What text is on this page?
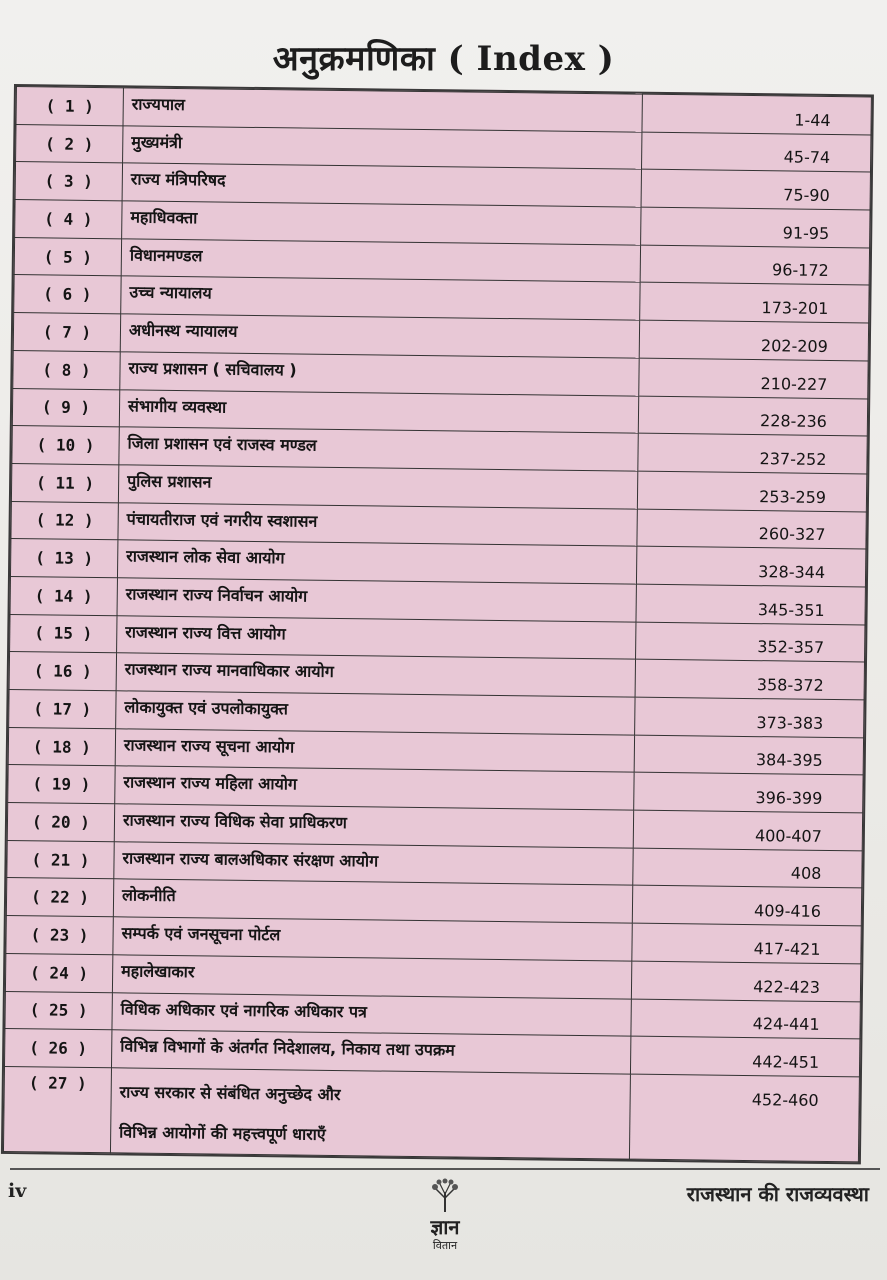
अनुक्रमणिका ( Index )
( 1 )	राज्यपाल	1-44
( 2 )	मुख्यमंत्री	45-74
( 3 )	राज्य मंत्रिपरिषद	75-90
( 4 )	महाधिवक्ता	91-95
( 5 )	विधानमण्डल	96-172
( 6 )	उच्च न्यायालय	173-201
( 7 )	अधीनस्थ न्यायालय	202-209
( 8 )	राज्य प्रशासन ( सचिवालय )	210-227
( 9 )	संभागीय व्यवस्था	228-236
( 10 )	जिला प्रशासन एवं राजस्व मण्डल	237-252
( 11 )	पुलिस प्रशासन	253-259
( 12 )	पंचायतीराज एवं नगरीय स्वशासन	260-327
( 13 )	राजस्थान लोक सेवा आयोग	328-344
( 14 )	राजस्थान राज्य निर्वाचन आयोग	345-351
( 15 )	राजस्थान राज्य वित्त आयोग	352-357
( 16 )	राजस्थान राज्य मानवाधिकार आयोग	358-372
( 17 )	लोकायुक्त एवं उपलोकायुक्त	373-383
( 18 )	राजस्थान राज्य सूचना आयोग	384-395
( 19 )	राजस्थान राज्य महिला आयोग	396-399
( 20 )	राजस्थान राज्य विधिक सेवा प्राधिकरण	400-407
( 21 )	राजस्थान राज्य बालअधिकार संरक्षण आयोग	408
( 22 )	लोकनीति	409-416
( 23 )	सम्पर्क एवं जनसूचना पोर्टल	417-421
( 24 )	महालेखाकार	422-423
( 25 )	विधिक अधिकार एवं नागरिक अधिकार पत्र	424-441
( 26 )	विभिन्न विभागों के अंतर्गत निदेशालय, निकाय तथा उपक्रम	442-451
( 27 )	राज्य सरकार से संबंधित अनुच्छेद और
विभिन्न आयोगों की महत्त्वपूर्ण धाराएँ	452-460
iv
ज्ञान
वितान
राजस्थान की राजव्यवस्था
